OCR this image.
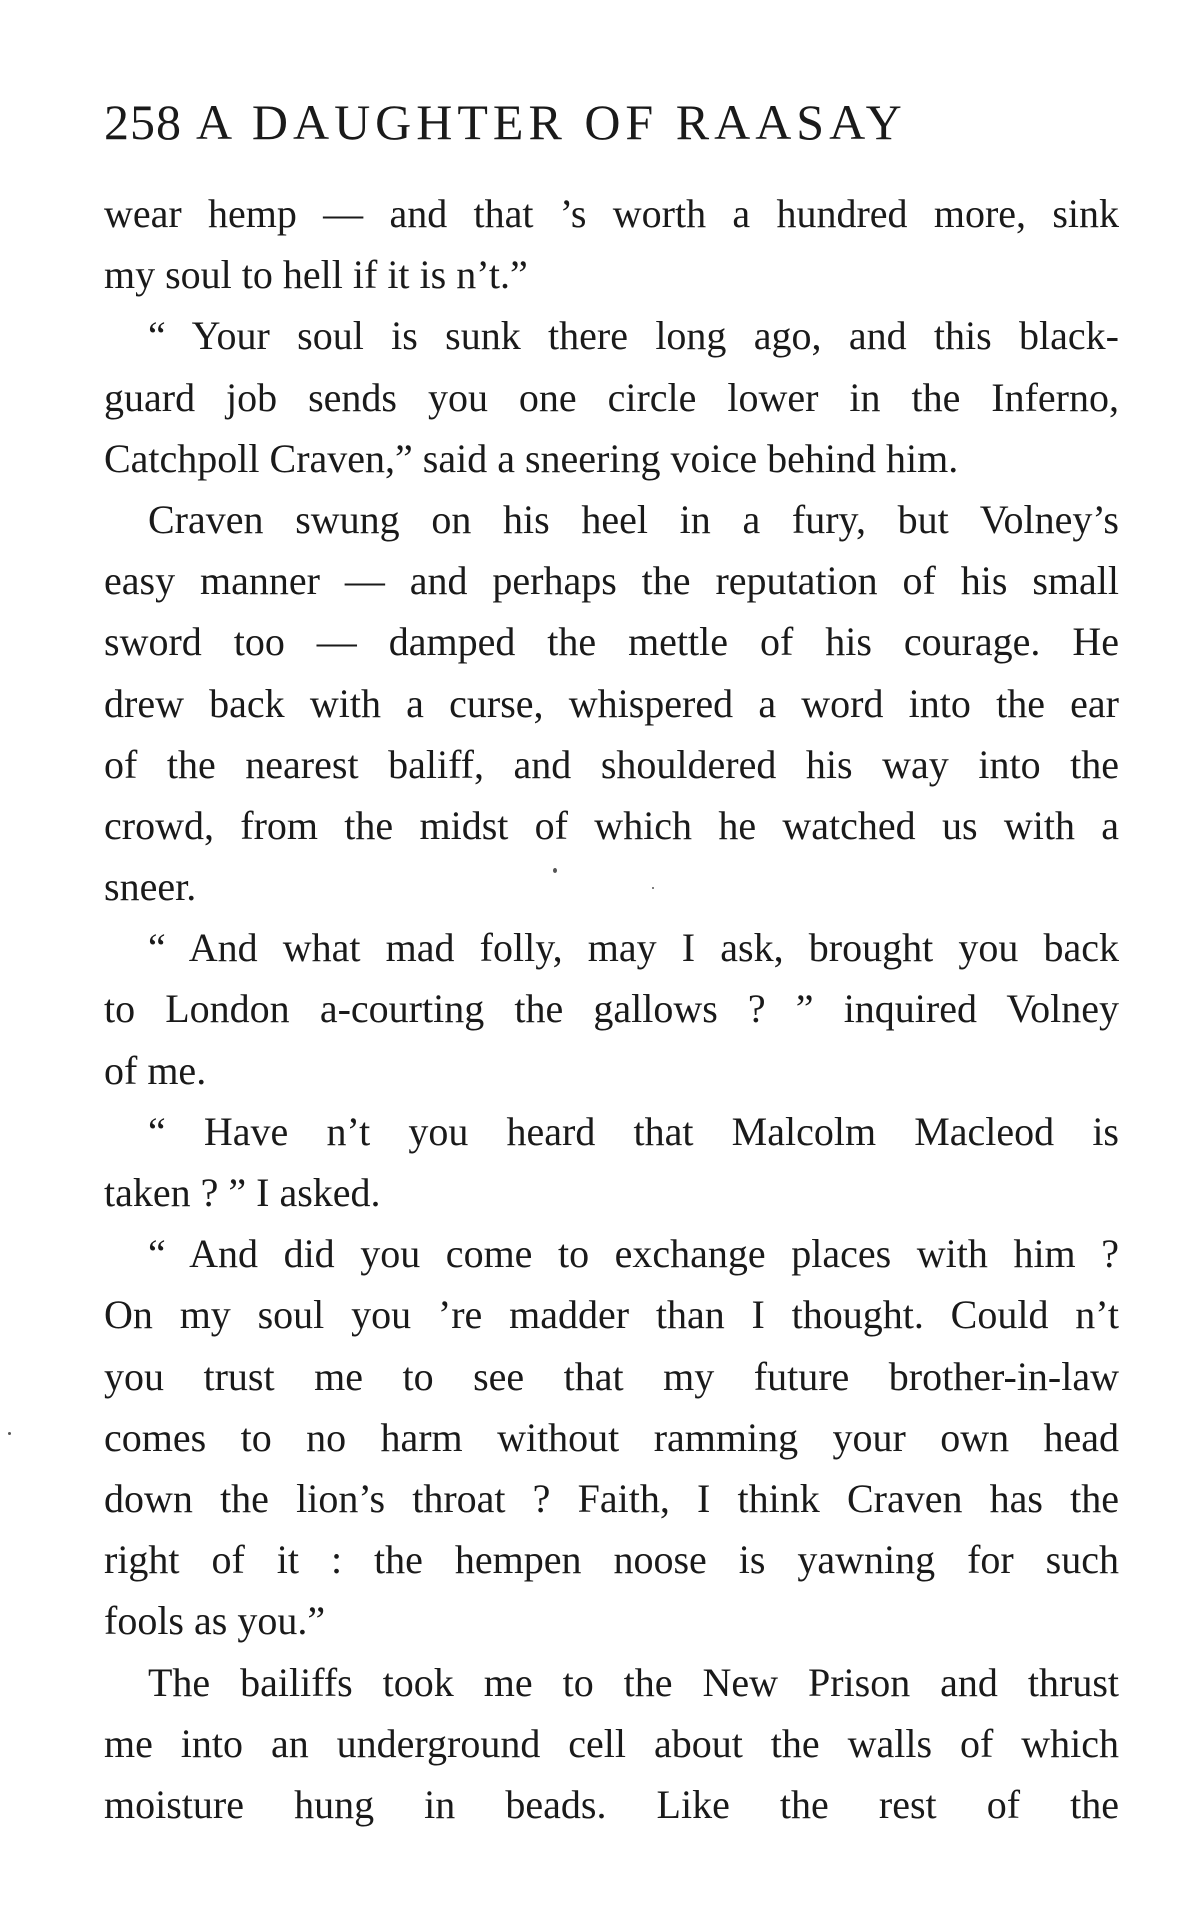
258 A DAUGHTER OF RAASAY
wear hemp — and that ’s worth a hundred more, sink
my soul to hell if it is n’t.”
“ Your soul is sunk there long ago, and this black-
guard job sends you one circle lower in the Inferno,
Catchpoll Craven,” said a sneering voice behind him.
Craven swung on his heel in a fury, but Volney’s
easy manner — and perhaps the reputation of his small
sword too — damped the mettle of his courage. He
drew back with a curse, whispered a word into the ear
of the nearest baliff, and shouldered his way into the
crowd, from the midst of which he watched us with a
sneer.
“ And what mad folly, may I ask, brought you back
to London a-courting the gallows ? ” inquired Volney
of me.
“ Have n’t you heard that Malcolm Macleod is
taken ? ” I asked.
“ And did you come to exchange places with him ?
On my soul you ’re madder than I thought. Could n’t
you trust me to see that my future brother-in-law
comes to no harm without ramming your own head
down the lion’s throat ? Faith, I think Craven has the
right of it : the hempen noose is yawning for such
fools as you.”
The bailiffs took me to the New Prison and thrust
me into an underground cell about the walls of which
moisture hung in beads. Like the rest of the
